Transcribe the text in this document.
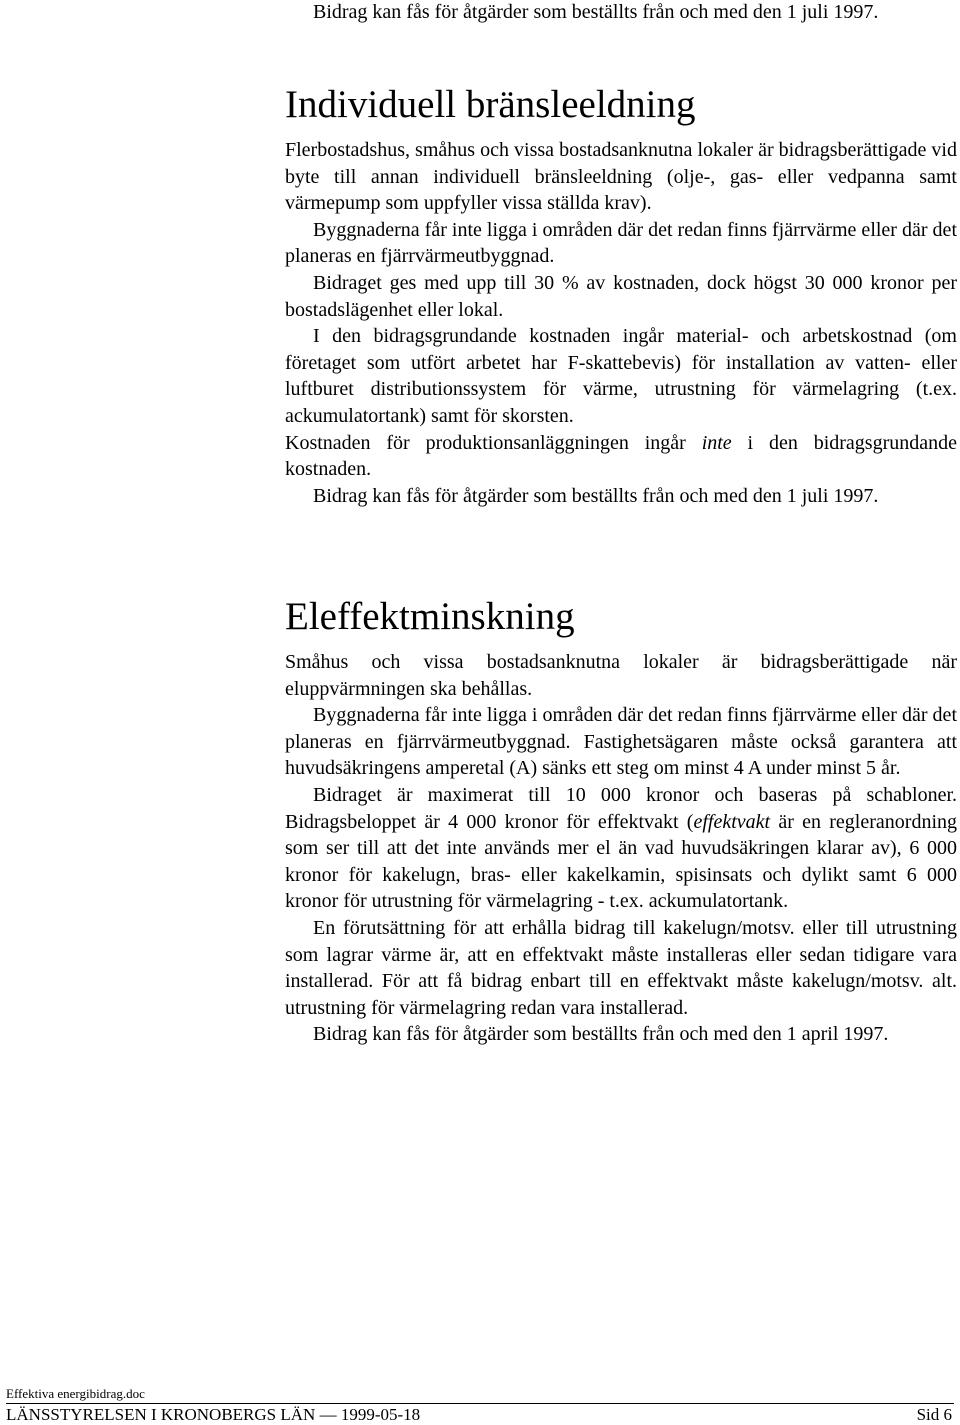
Bidrag kan fås för åtgärder som beställts från och med den 1 juli 1997.

Individuell bränsleeldning

Flerbostadshus, småhus och vissa bostadsanknutna lokaler är bidragsberättigade vid byte till annan individuell bränsleeldning (olje-, gas- eller vedpanna samt värmepump som uppfyller vissa ställda krav).

Byggnaderna får inte ligga i områden där det redan finns fjärrvärme eller där det planeras en fjärrvärmeutbyggnad.

Bidraget ges med upp till 30 % av kostnaden, dock högst 30 000 kronor per bostadslägenhet eller lokal.

I den bidragsgrundande kostnaden ingår material- och arbetskostnad (om företaget som utfört arbetet har F-skattebevis) för installation av vatten- eller luftburet distributionssystem för värme, utrustning för värmelagring (t.ex. ackumulatortank) samt för skorsten.

Kostnaden för produktionsanläggningen ingår inte i den bidragsgrundande kostnaden.

Bidrag kan fås för åtgärder som beställts från och med den 1 juli 1997.

Eleffektminskning

Småhus och vissa bostadsanknutna lokaler är bidragsberättigade när eluppvärmningen ska behållas.

Byggnaderna får inte ligga i områden där det redan finns fjärrvärme eller där det planeras en fjärrvärmeutbyggnad. Fastighetsägaren måste också garantera att huvudsäkringens amperetal (A) sänks ett steg om minst 4 A under minst 5 år.

Bidraget är maximerat till 10 000 kronor och baseras på schabloner. Bidragsbeloppet är 4 000 kronor för effektvakt (effektvakt är en regleranordning som ser till att det inte används mer el än vad huvudsäkringen klarar av), 6 000 kronor för kakelugn, bras- eller kakelkamin, spisinsats och dylikt samt 6 000 kronor för utrustning för värmelagring - t.ex. ackumulatortank.

En förutsättning för att erhålla bidrag till kakelugn/motsv. eller till utrustning som lagrar värme är, att en effektvakt måste installeras eller sedan tidigare vara installerad. För att få bidrag enbart till en effektvakt måste kakelugn/motsv. alt. utrustning för värmelagring redan vara installerad.

Bidrag kan fås för åtgärder som beställts från och med den 1 april 1997.

Effektiva energibidrag.doc
LÄNSSTYRELSEN I KRONOBERGS LÄN — 1999-05-18	Sid 6
